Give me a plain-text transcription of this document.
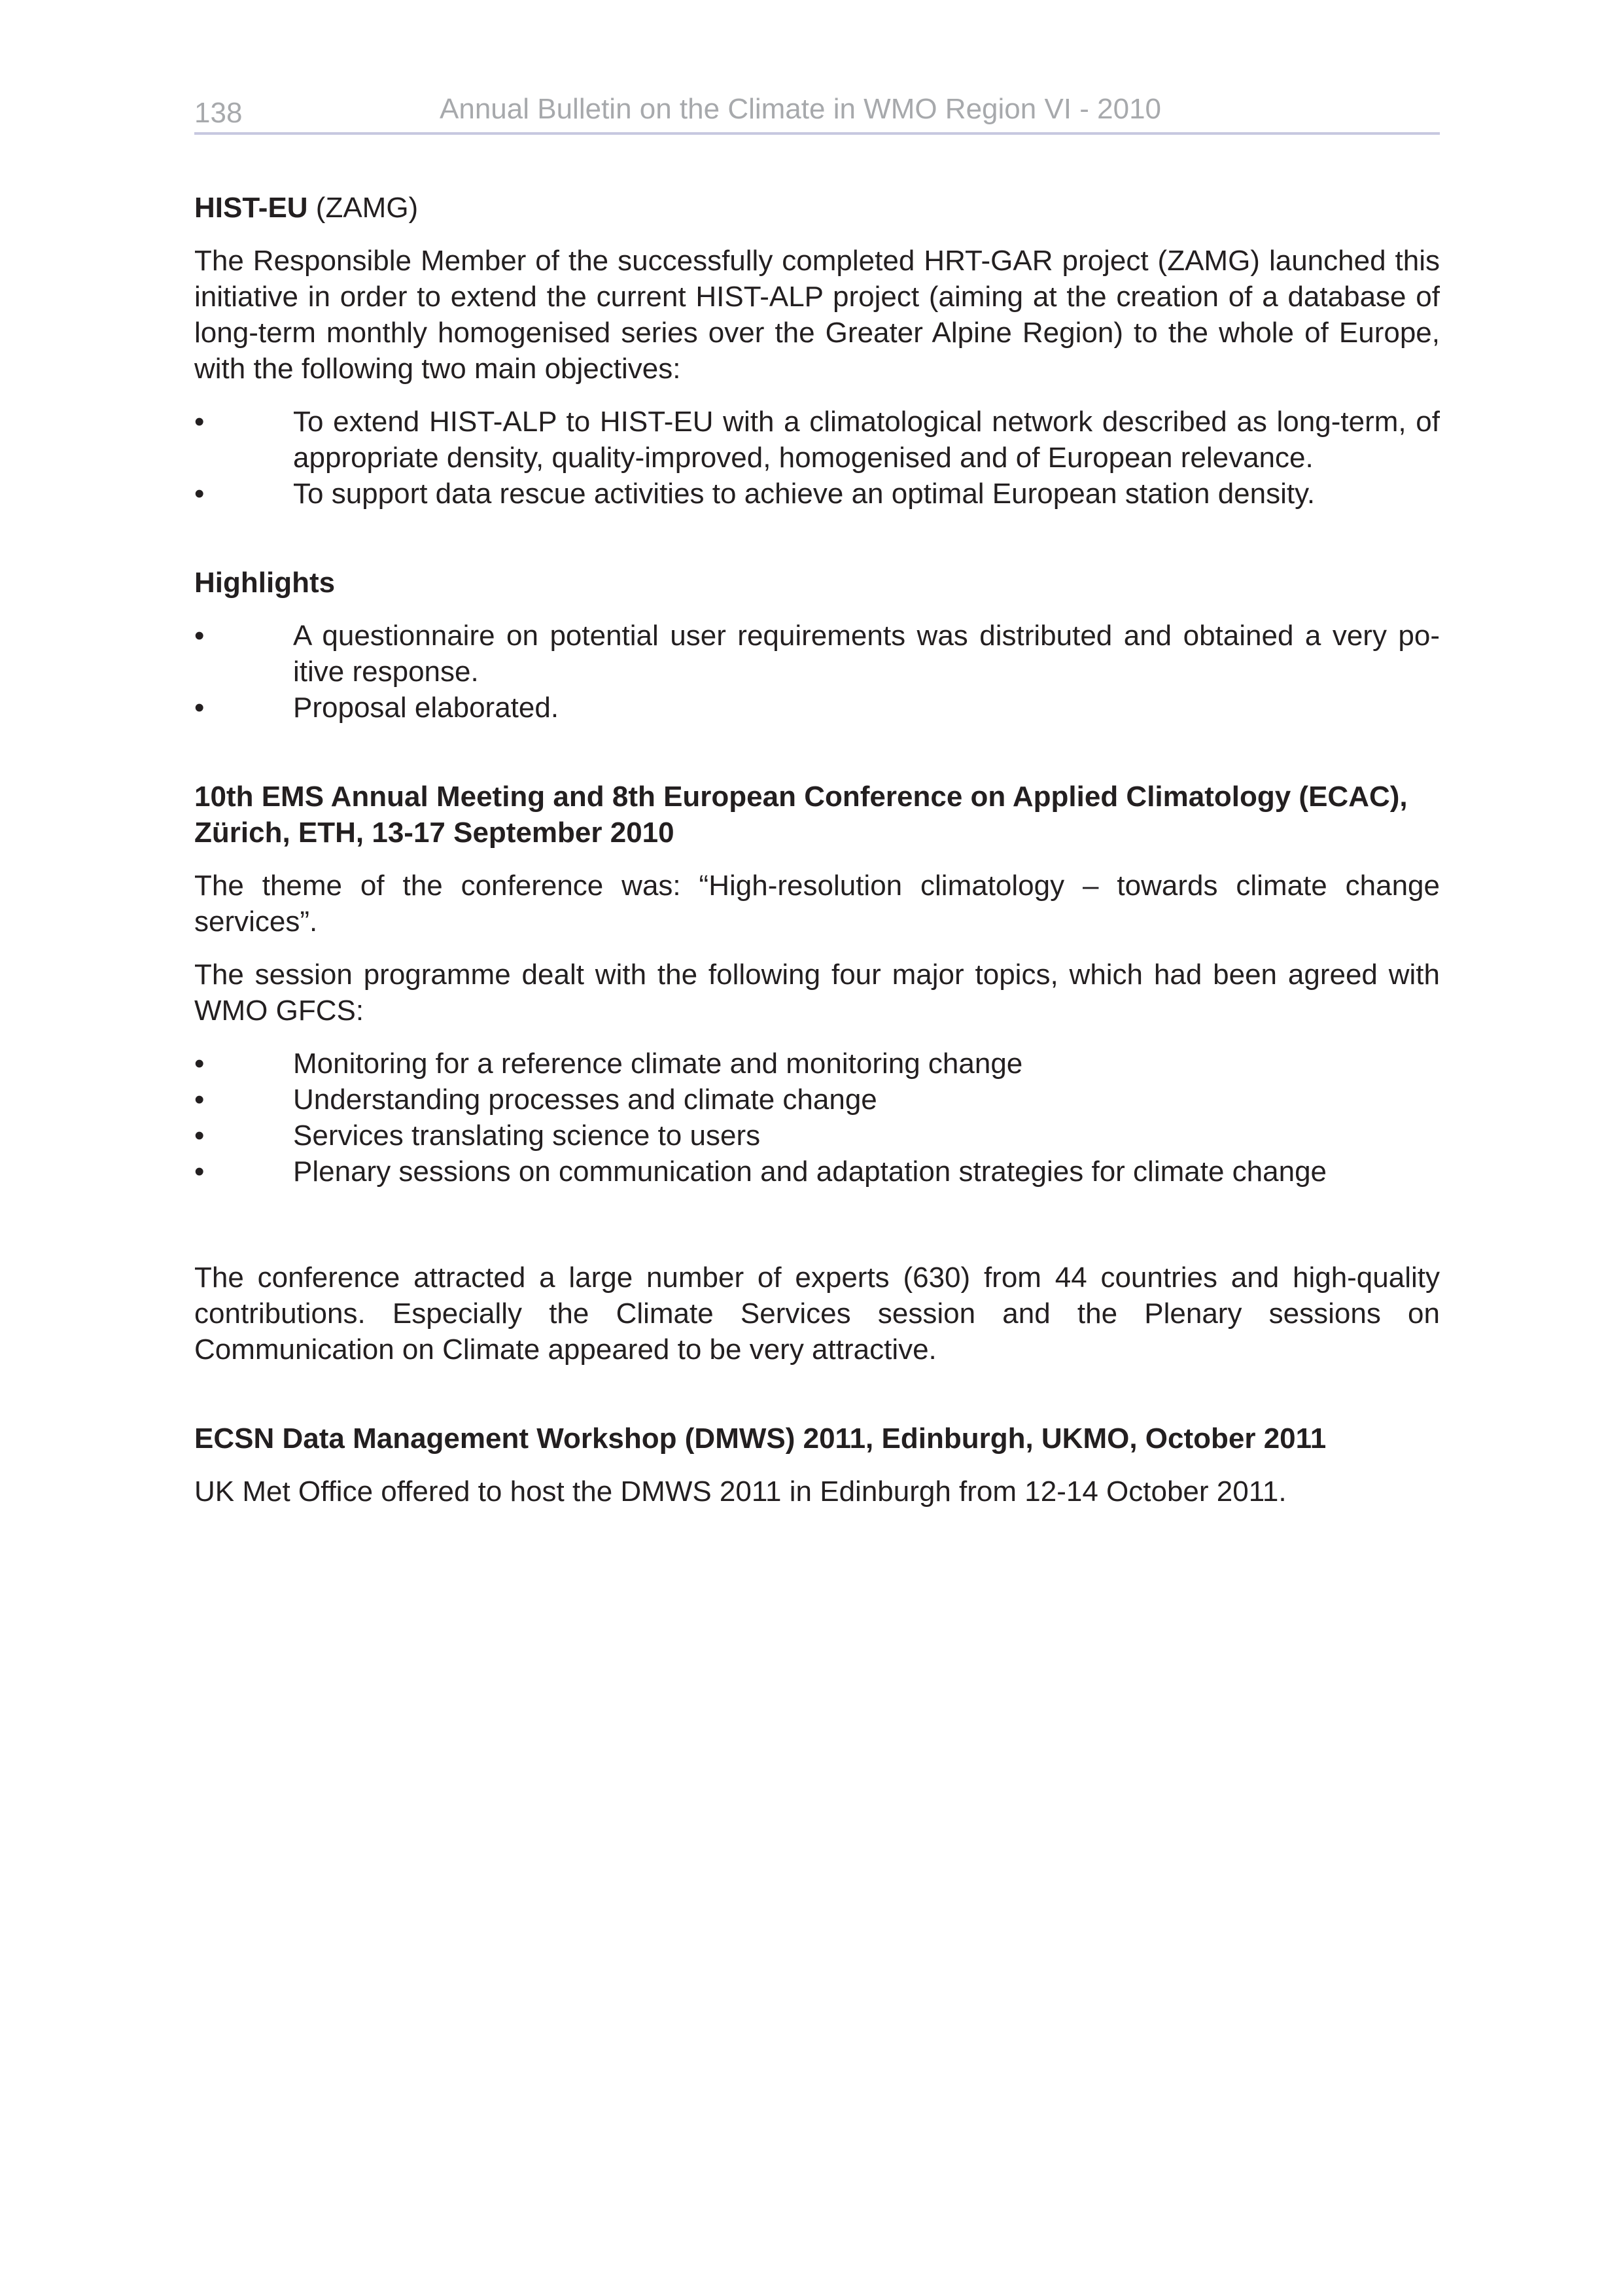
138	Annual Bulletin on the Climate in WMO Region VI - 2010

HIST-EU (ZAMG)

The Responsible Member of the successfully completed HRT-GAR project (ZAMG) launched this initiative in order to extend the current HIST-ALP project (aiming at the creation of a database of long-term monthly homogenised series over the Greater Alpine Region) to the whole of Europe, with the following two main objectives:

•	To extend HIST-ALP to HIST-EU with a climatological network described as long-term, of appropriate density, quality-improved, homogenised and of European relevance.
•	To support data rescue activities to achieve an optimal European station density.

Highlights

•	A questionnaire on potential user requirements was distributed and obtained a very po-itive response.
•	Proposal elaborated.

10th EMS Annual Meeting and 8th European Conference on Applied Climatology (ECAC), Zürich, ETH, 13-17 September 2010

The theme of the conference was: “High-resolution climatology – towards climate change services”.

The session programme dealt with the following four major topics, which had been agreed with WMO GFCS:

•	Monitoring for a reference climate and monitoring change
•	Understanding processes and climate change
•	Services translating science to users
•	Plenary sessions on communication and adaptation strategies for climate change

The conference attracted a large number of experts (630) from 44 countries and high-quality contributions. Especially the Climate Services session and the Plenary sessions on Communication on Climate appeared to be very attractive.

ECSN Data Management Workshop (DMWS) 2011, Edinburgh, UKMO, October 2011

UK Met Office offered to host the DMWS 2011 in Edinburgh from 12-14 October 2011.
